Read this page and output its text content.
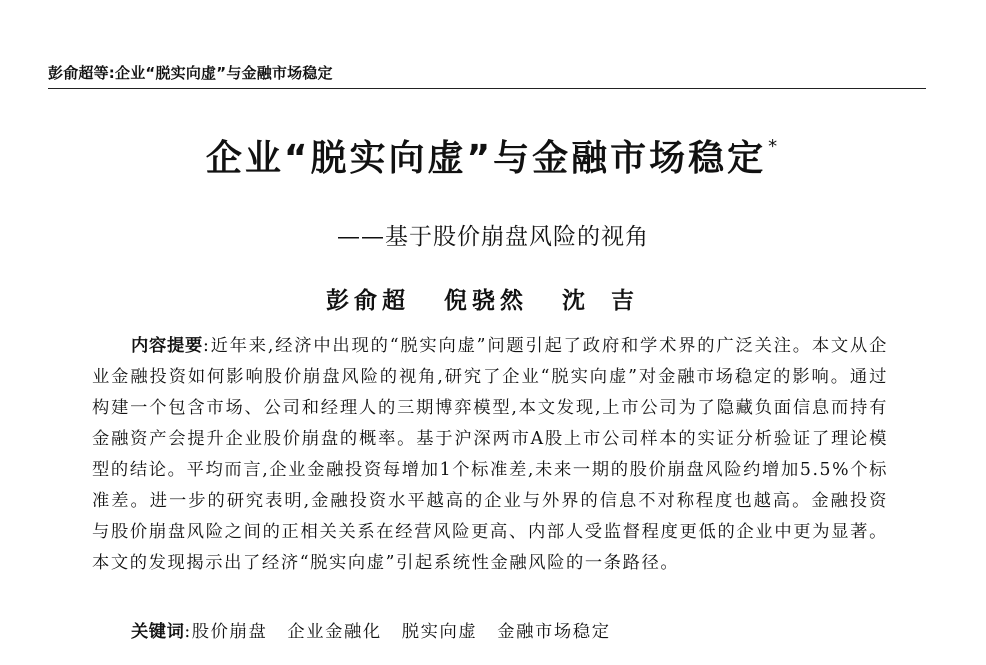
彭俞超等:企业“脱实向虚”与金融市场稳定
企业“脱实向虚”与金融市场稳定 *
——基于股价崩盘风险的视角
彭俞超 倪骁然 沈吉
内容提要:近年来,经济中出现的“脱实向虚”问题引起了政府和学术界的广泛关注。本文从企业金融投资如何影响股价崩盘风险的视角,研究了企业“脱实向虚”对金融市场稳定的影响。通过构建一个包含市场、公司和经理人的三期博弈模型,本文发现,上市公司为了隐藏负面信息而持有金融资产会提升企业股价崩盘的概率。基于沪深两市A股上市公司样本的实证分析验证了理论模型的结论。平均而言,企业金融投资每增加1个标准差,未来一期的股价崩盘风险约增加5.5%个标准差。进一步的研究表明,金融投资水平越高的企业与外界的信息不对称程度也越高。金融投资与股价崩盘风险之间的正相关关系在经营风险更高、内部人受监督程度更低的企业中更为显著。本文的发现揭示出了经济“脱实向虚”引起系统性金融风险的一条路径。
关键词:股价崩盘 企业金融化 脱实向虚 金融市场稳定
